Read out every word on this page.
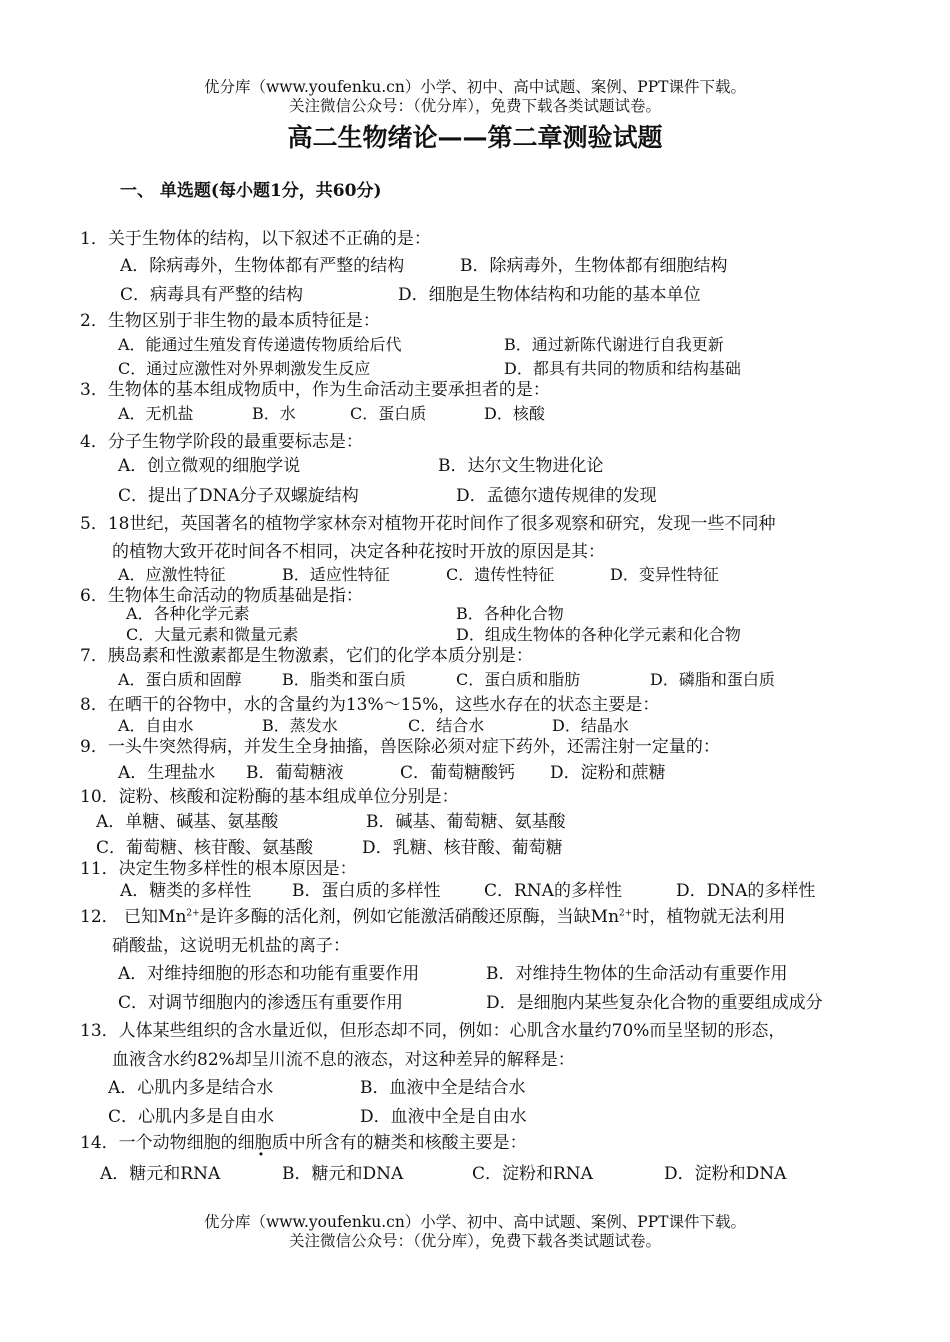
优分库（www.youfenku.cn）小学、初中、高中试题、案例、PPT课件下载。
关注微信公众号：（优分库），免费下载各类试题试卷。
高二生物绪论——第二章测验试题
一、 单选题(每小题1分，共60分)
1．关于生物体的结构，以下叙述不正确的是：
A．除病毒外，生物体都有严整的结构	B．除病毒外，生物体都有细胞结构
C．病毒具有严整的结构	D．细胞是生物体结构和功能的基本单位
2．生物区别于非生物的最本质特征是：
A．能通过生殖发育传递遗传物质给后代	B．通过新陈代谢进行自我更新
C．通过应激性对外界刺激发生反应	D．都具有共同的物质和结构基础
3．生物体的基本组成物质中，作为生命活动主要承担者的是：
A．无机盐	B．水	C．蛋白质	D．核酸
4．分子生物学阶段的最重要标志是：
A．创立微观的细胞学说	B．达尔文生物进化论
C．提出了DNA分子双螺旋结构	D．孟德尔遗传规律的发现
5．18世纪，英国著名的植物学家林奈对植物开花时间作了很多观察和研究，发现一些不同种
的植物大致开花时间各不相同，决定各种花按时开放的原因是其：
A．应激性特征	B．适应性特征	C．遗传性特征	D．变异性特征
6．生物体生命活动的物质基础是指：
A．各种化学元素	B．各种化合物
C．大量元素和微量元素	D．组成生物体的各种化学元素和化合物
7．胰岛素和性激素都是生物激素，它们的化学本质分别是：
A．蛋白质和固醇	B．脂类和蛋白质	C．蛋白质和脂肪	D．磷脂和蛋白质
8．在晒干的谷物中，水的含量约为13%～15%，这些水存在的状态主要是：
A．自由水	B．蒸发水	C．结合水	D．结晶水
9．一头牛突然得病，并发生全身抽搐，兽医除必须对症下药外，还需注射一定量的：
A．生理盐水 B．葡萄糖液	C．葡萄糖酸钙 D．淀粉和蔗糖
10．淀粉、核酸和淀粉酶的基本组成单位分别是：
A．单糖、碱基、氨基酸	B．碱基、葡萄糖、氨基酸
C．葡萄糖、核苷酸、氨基酸	D．乳糖、核苷酸、葡萄糖
11．决定生物多样性的根本原因是：
A．糖类的多样性 B．蛋白质的多样性	C．RNA的多样性	D．DNA的多样性
12． 已知$Mn^{2+}$是许多酶的活化剂，例如它能激活硝酸还原酶，当缺$Mn^{2+}$时，植物就无法利用
硝酸盐，这说明无机盐的离子：
A．对维持细胞的形态和功能有重要作用	B．对维持生物体的生命活动有重要作用
C．对调节细胞内的渗透压有重要作用	D．是细胞内某些复杂化合物的重要组成成分
13．人体某些组织的含水量近似，但形态却不同，例如：心肌含水量约70%而呈坚韧的形态，
血液含水约82%却呈川流不息的液态，对这种差异的解释是：
A．心肌内多是结合水	B．血液中全是结合水
C．心肌内多是自由水	D．血液中全是自由水
14．一个动物细胞的细胞质中所含有的糖类和核酸主要是：
A．糖元和RNA	B．糖元和DNA	C．淀粉和RNA	D．淀粉和DNA
优分库（www.youfenku.cn）小学、初中、高中试题、案例、PPT课件下载。
关注微信公众号：（优分库），免费下载各类试题试卷。
